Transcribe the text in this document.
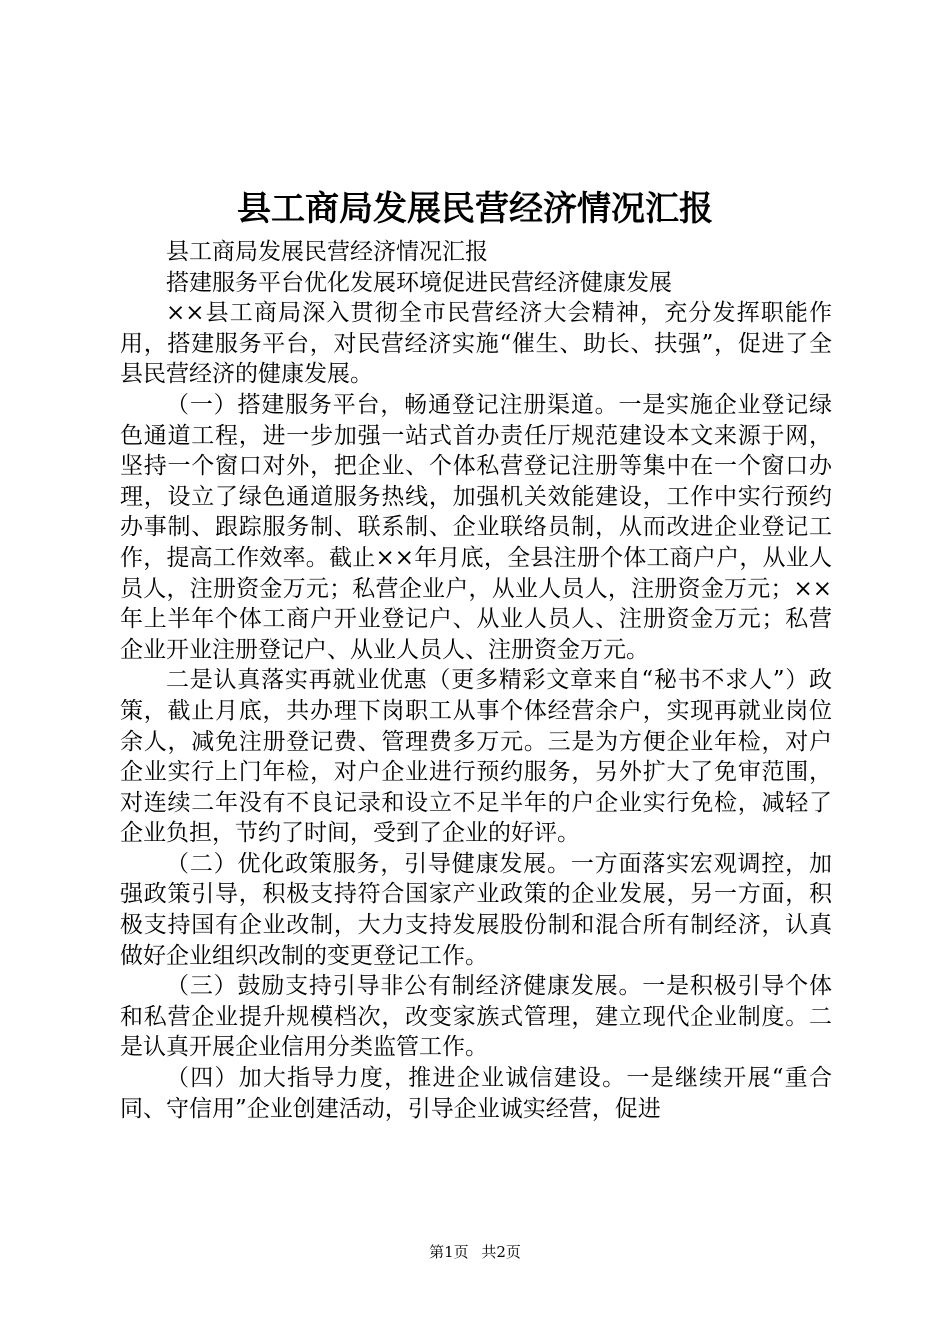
县工商局发展民营经济情况汇报

县工商局发展民营经济情况汇报

搭建服务平台优化发展环境促进民营经济健康发展

××县工商局深入贯彻全市民营经济大会精神，充分发挥职能作用，搭建服务平台，对民营经济实施“催生、助长、扶强”，促进了全县民营经济的健康发展。

（一）搭建服务平台，畅通登记注册渠道。一是实施企业登记绿色通道工程，进一步加强一站式首办责任厅规范建设本文来源于网，坚持一个窗口对外，把企业、个体私营登记注册等集中在一个窗口办理，设立了绿色通道服务热线，加强机关效能建设，工作中实行预约办事制、跟踪服务制、联系制、企业联络员制，从而改进企业登记工作，提高工作效率。截止××年月底，全县注册个体工商户户，从业人员人，注册资金万元；私营企业户，从业人员人，注册资金万元；××年上半年个体工商户开业登记户、从业人员人、注册资金万元；私营企业开业注册登记户、从业人员人、注册资金万元。

二是认真落实再就业优惠（更多精彩文章来自“秘书不求人”）政策，截止月底，共办理下岗职工从事个体经营余户，实现再就业岗位余人，减免注册登记费、管理费多万元。三是为方便企业年检，对户企业实行上门年检，对户企业进行预约服务，另外扩大了免审范围，对连续二年没有不良记录和设立不足半年的户企业实行免检，减轻了企业负担，节约了时间，受到了企业的好评。

（二）优化政策服务，引导健康发展。一方面落实宏观调控，加强政策引导，积极支持符合国家产业政策的企业发展，另一方面，积极支持国有企业改制，大力支持发展股份制和混合所有制经济，认真做好企业组织改制的变更登记工作。

（三）鼓励支持引导非公有制经济健康发展。一是积极引导个体和私营企业提升规模档次，改变家族式管理，建立现代企业制度。二是认真开展企业信用分类监管工作。

（四）加大指导力度，推进企业诚信建设。一是继续开展“重合同、守信用”企业创建活动，引导企业诚实经营，促进

第1页 共2页
